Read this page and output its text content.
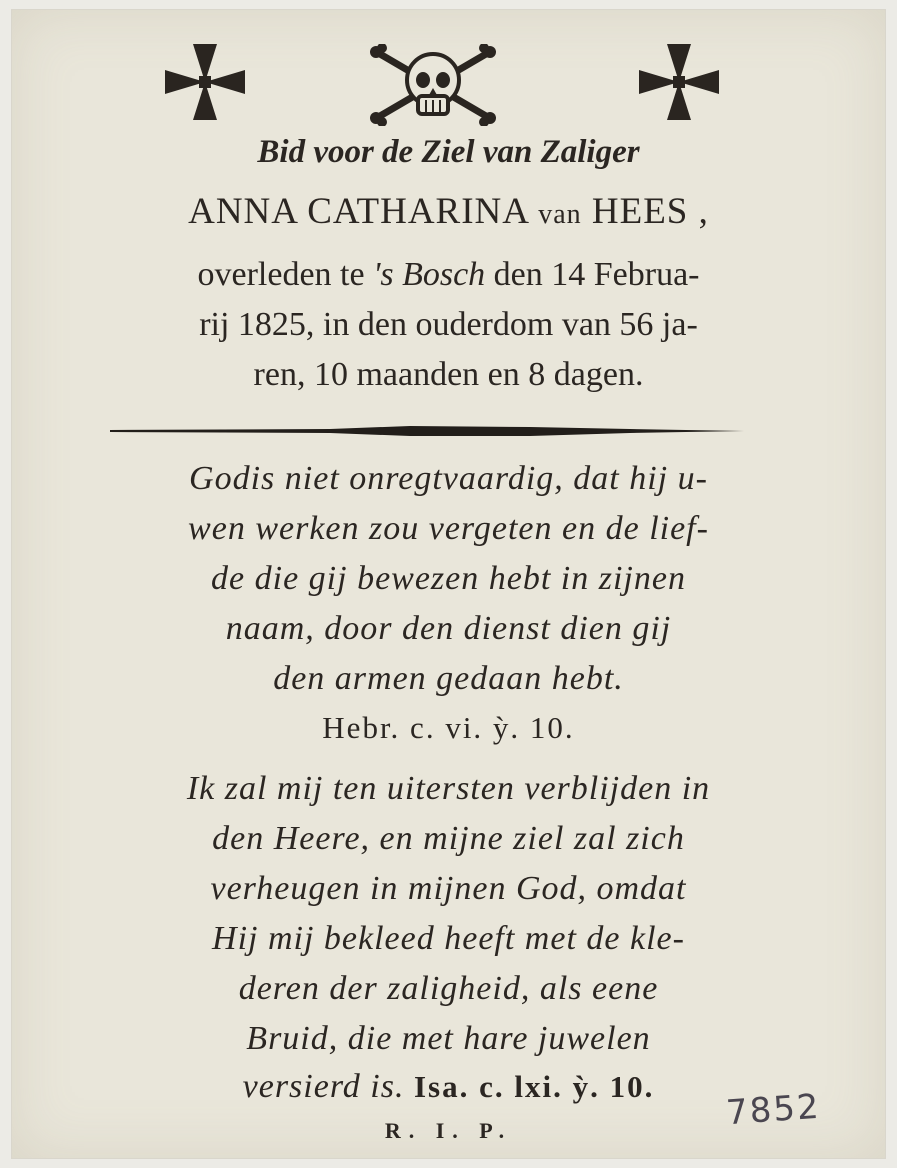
Bid voor de Ziel van Zaliger
ANNA CATHARINA van HEES ,
overleden te 's Bosch den 14 Februa-
rij 1825, in den ouderdom van 56 ja-
ren, 10 maanden en 8 dagen.
Godis niet onregtvaardig, dat hij u-
wen werken zou vergeten en de lief-
de die gij bewezen hebt in zijnen
naam, door den dienst dien gij
den armen gedaan hebt.
Hebr. c. vi. ỳ. 10.
Ik zal mij ten uitersten verblijden in
den Heere, en mijne ziel zal zich
verheugen in mijnen God, omdat
Hij mij bekleed heeft met de kle-
deren der zaligheid, als eene
Bruid, die met hare juwelen
versierd is. Isa. c. lxi. ỳ. 10.
R. I. P.	7852
